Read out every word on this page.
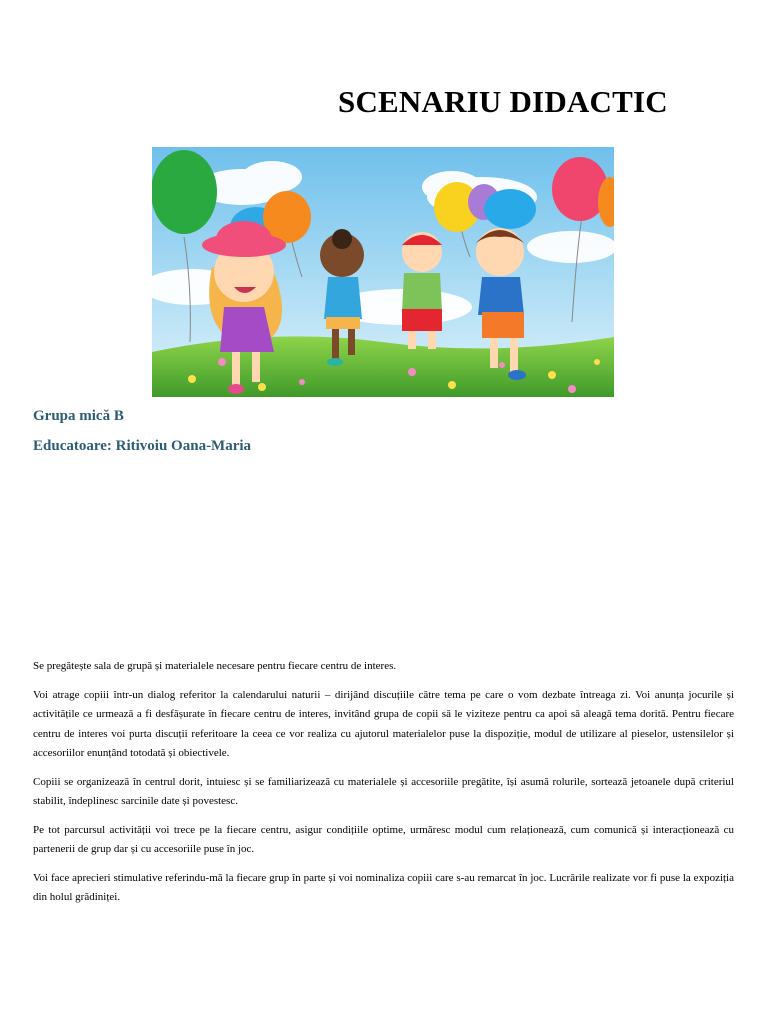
SCENARIU DIDACTIC
Grupa mică B
Educatoare: Ritivoiu Oana-Maria

Se pregătește sala de grupă și materialele necesare pentru fiecare centru de interes.

Voi atrage copiii într-un dialog referitor la calendarului naturii – dirijând discuțiile către tema pe care o vom dezbate întreaga zi. Voi anunța jocurile și activitățile ce urmează a fi desfășurate în fiecare centru de interes, invitând grupa de copii să le viziteze pentru ca apoi să aleagă tema dorită. Pentru fiecare centru de interes voi purta discuții referitoare la ceea ce vor realiza cu ajutorul materialelor puse la dispoziție, modul de utilizare al pieselor, ustensilelor și accesoriilor enunțând totodată și obiectivele.

Copiii se organizează în centrul dorit, intuiesc și se familiarizează cu materialele și accesoriile pregătite, își asumă rolurile, sortează jetoanele după criteriul stabilit, îndeplinesc sarcinile date și povestesc.

Pe tot parcursul activității voi trece pe la fiecare centru, asigur condițiile optime, urmăresc modul cum relaționează, cum comunică și interacționează cu partenerii de grup dar și cu accesoriile puse în joc.

Voi face aprecieri stimulative referindu-mă la fiecare grup în parte și voi nominaliza copiii care s-au remarcat în joc. Lucrările realizate vor fi puse la expoziția din holul grădiniței.
